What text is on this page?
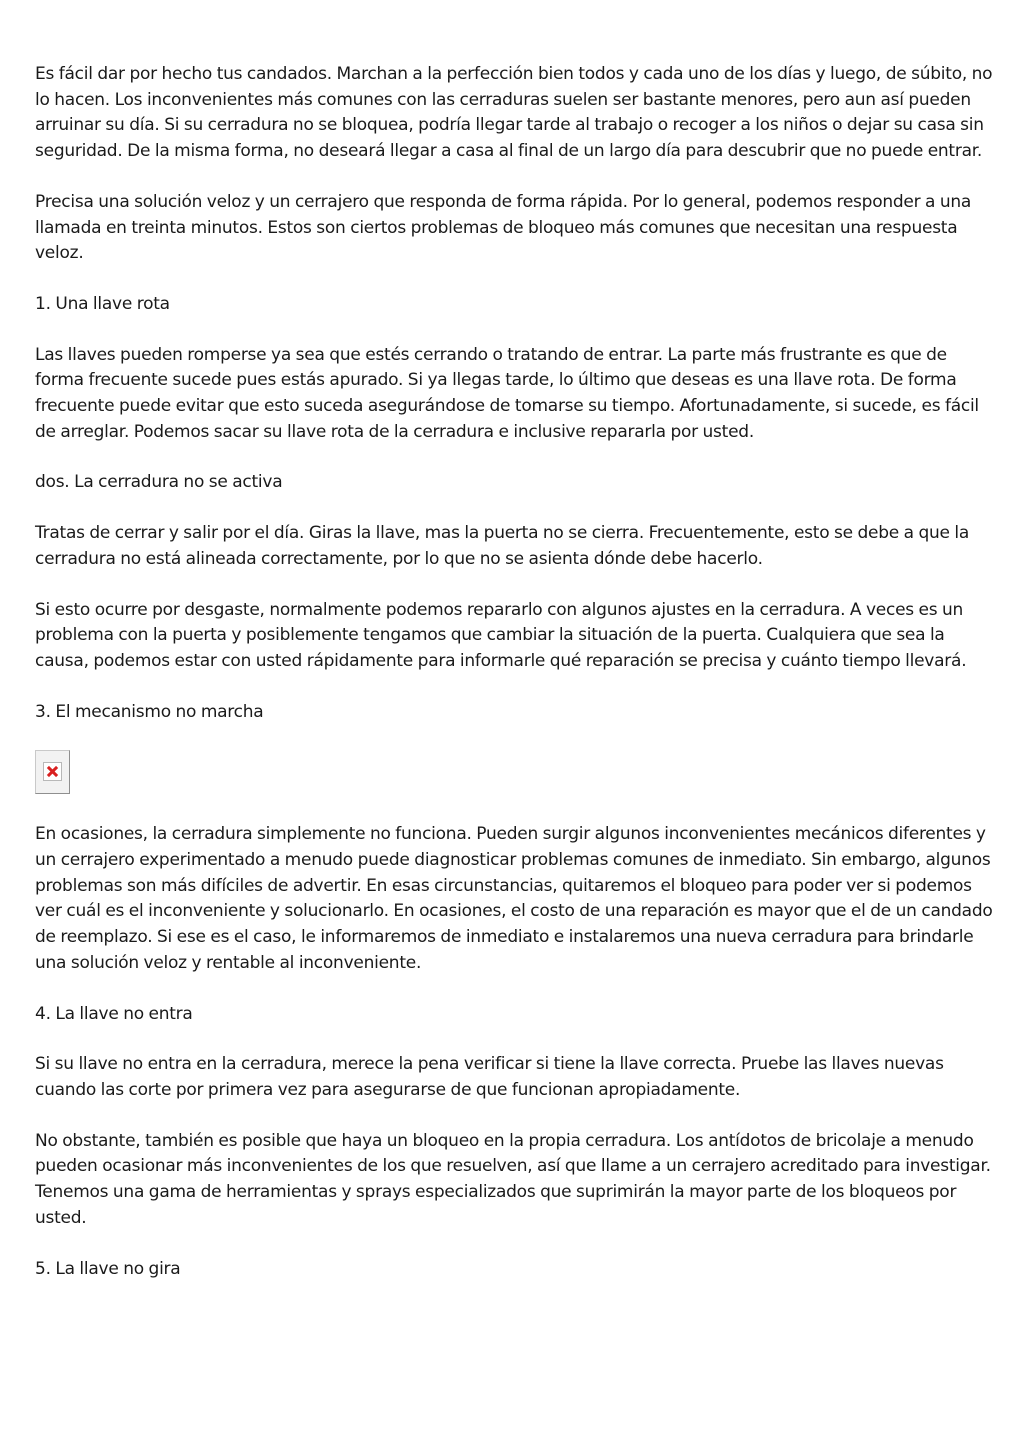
Es fácil dar por hecho tus candados. Marchan a la perfección bien todos y cada uno de los días y luego, de súbito, no lo hacen. Los inconvenientes más comunes con las cerraduras suelen ser bastante menores, pero aun así pueden arruinar su día. Si su cerradura no se bloquea, podría llegar tarde al trabajo o recoger a los niños o dejar su casa sin seguridad. De la misma forma, no deseará llegar a casa al final de un largo día para descubrir que no puede entrar.

Precisa una solución veloz y un cerrajero que responda de forma rápida. Por lo general, podemos responder a una llamada en treinta minutos. Estos son ciertos problemas de bloqueo más comunes que necesitan una respuesta veloz.

1. Una llave rota

Las llaves pueden romperse ya sea que estés cerrando o tratando de entrar. La parte más frustrante es que de forma frecuente sucede pues estás apurado. Si ya llegas tarde, lo último que deseas es una llave rota. De forma frecuente puede evitar que esto suceda asegurándose de tomarse su tiempo. Afortunadamente, si sucede, es fácil de arreglar. Podemos sacar su llave rota de la cerradura e inclusive repararla por usted.

dos. La cerradura no se activa

Tratas de cerrar y salir por el día. Giras la llave, mas la puerta no se cierra. Frecuentemente, esto se debe a que la cerradura no está alineada correctamente, por lo que no se asienta dónde debe hacerlo.

Si esto ocurre por desgaste, normalmente podemos repararlo con algunos ajustes en la cerradura. A veces es un problema con la puerta y posiblemente tengamos que cambiar la situación de la puerta. Cualquiera que sea la causa, podemos estar con usted rápidamente para informarle qué reparación se precisa y cuánto tiempo llevará.

3. El mecanismo no marcha

En ocasiones, la cerradura simplemente no funciona. Pueden surgir algunos inconvenientes mecánicos diferentes y un cerrajero experimentado a menudo puede diagnosticar problemas comunes de inmediato. Sin embargo, algunos problemas son más difíciles de advertir. En esas circunstancias, quitaremos el bloqueo para poder ver si podemos ver cuál es el inconveniente y solucionarlo. En ocasiones, el costo de una reparación es mayor que el de un candado de reemplazo. Si ese es el caso, le informaremos de inmediato e instalaremos una nueva cerradura para brindarle una solución veloz y rentable al inconveniente.

4. La llave no entra

Si su llave no entra en la cerradura, merece la pena verificar si tiene la llave correcta. Pruebe las llaves nuevas cuando las corte por primera vez para asegurarse de que funcionan apropiadamente.

No obstante, también es posible que haya un bloqueo en la propia cerradura. Los antídotos de bricolaje a menudo pueden ocasionar más inconvenientes de los que resuelven, así que llame a un cerrajero acreditado para investigar. Tenemos una gama de herramientas y sprays especializados que suprimirán la mayor parte de los bloqueos por usted.

5. La llave no gira
